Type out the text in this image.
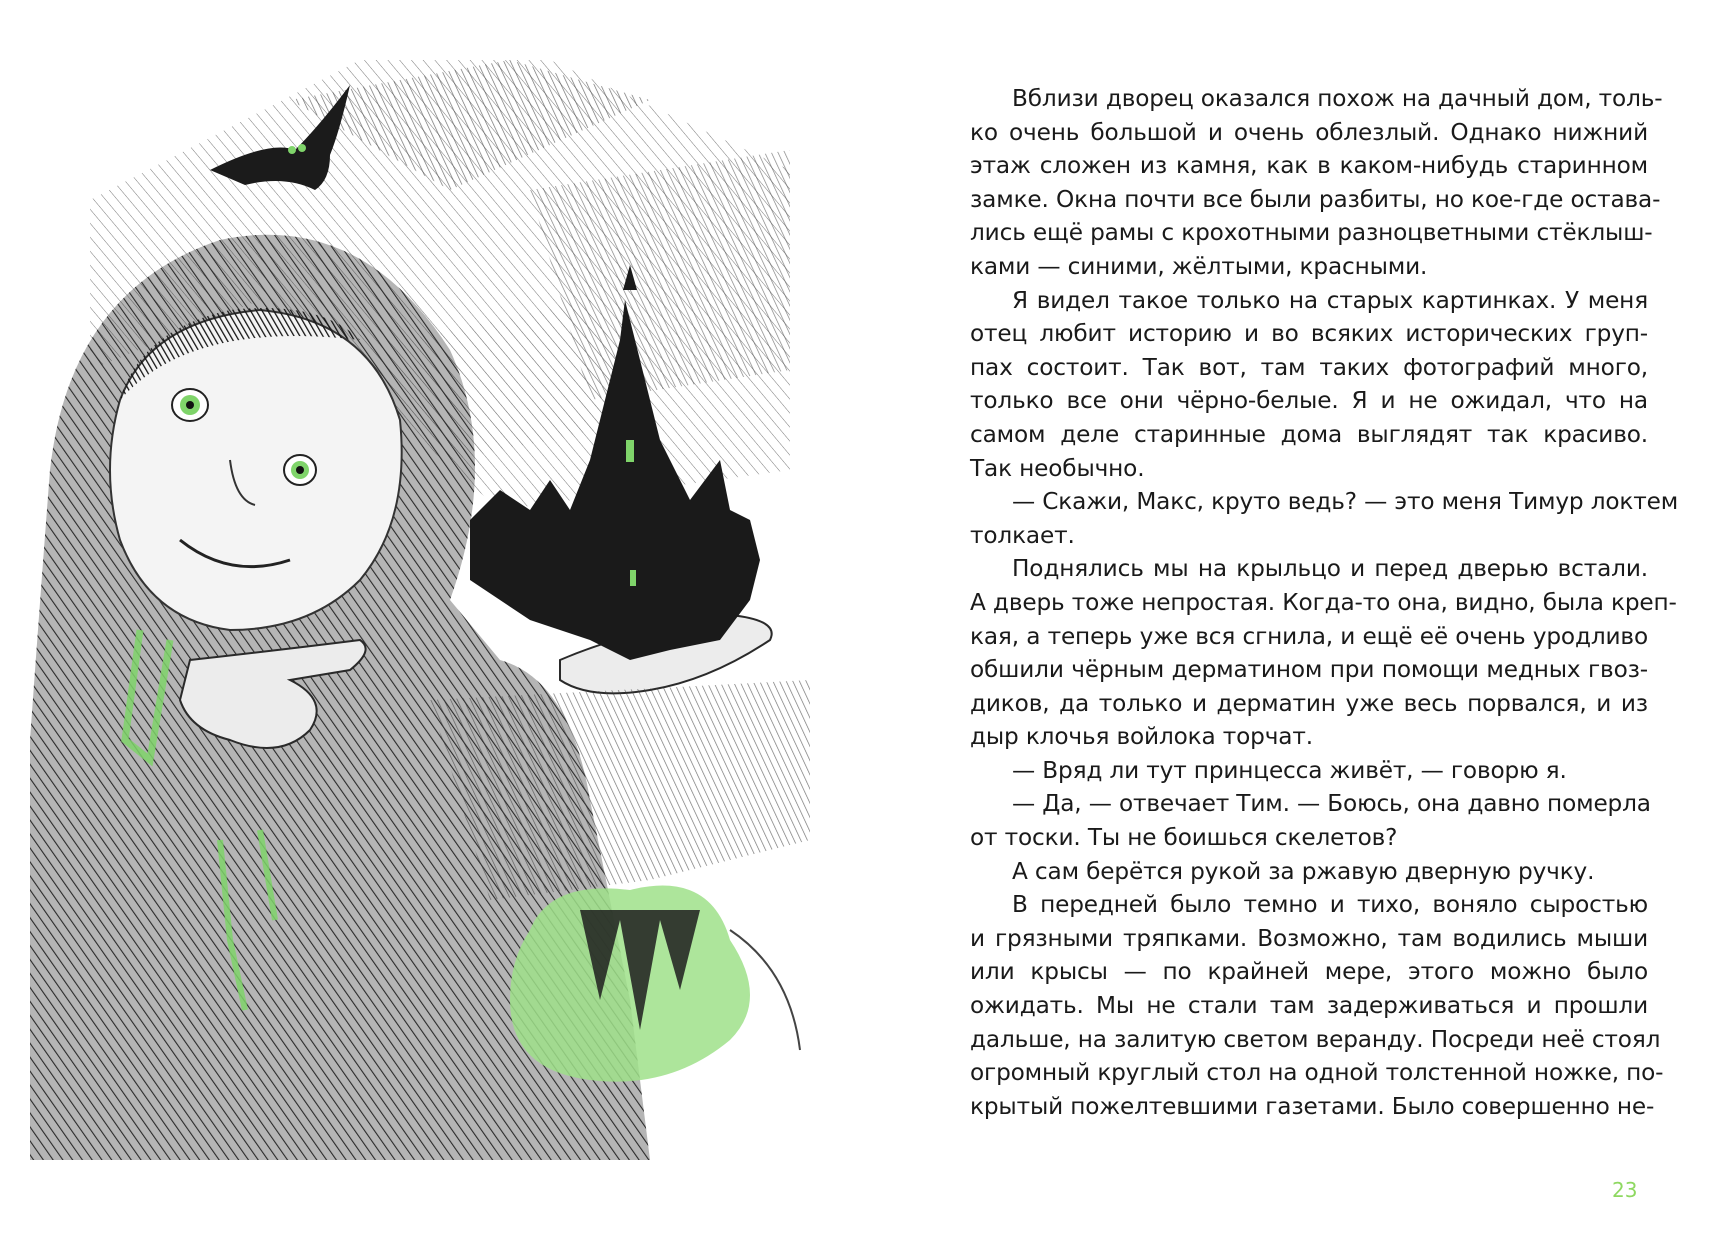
Вблизи дворец оказался похож на дачный дом, толь-
ко очень большой и очень облезлый. Однако нижний
этаж сложен из камня, как в каком-нибудь старинном
замке. Окна почти все были разбиты, но кое-где остава-
лись ещё рамы с крохотными разноцветными стёклыш-
ками — синими, жёлтыми, красными.
Я видел такое только на старых картинках. У меня
отец любит историю и во всяких исторических груп-
пах состоит. Так вот, там таких фотографий много,
только все они чёрно-белые. Я и не ожидал, что на
самом деле старинные дома выглядят так красиво.
Так необычно.
— Скажи, Макс, круто ведь? — это меня Тимур локтем
толкает.
Поднялись мы на крыльцо и перед дверью встали.
А дверь тоже непростая. Когда-то она, видно, была креп-
кая, а теперь уже вся сгнила, и ещё её очень уродливо
обшили чёрным дерматином при помощи медных гвоз-
диков, да только и дерматин уже весь порвался, и из
дыр клочья войлока торчат.
— Вряд ли тут принцесса живёт, — говорю я.
— Да, — отвечает Тим. — Боюсь, она давно померла
от тоски. Ты не боишься скелетов?
А сам берётся рукой за ржавую дверную ручку.
В передней было темно и тихо, воняло сыростью
и грязными тряпками. Возможно, там водились мыши
или крысы — по крайней мере, этого можно было
ожидать. Мы не стали там задерживаться и прошли
дальше, на залитую светом веранду. Посреди неё стоял
огромный круглый стол на одной толстенной ножке, по-
крытый пожелтевшими газетами. Было совершенно не-
23
